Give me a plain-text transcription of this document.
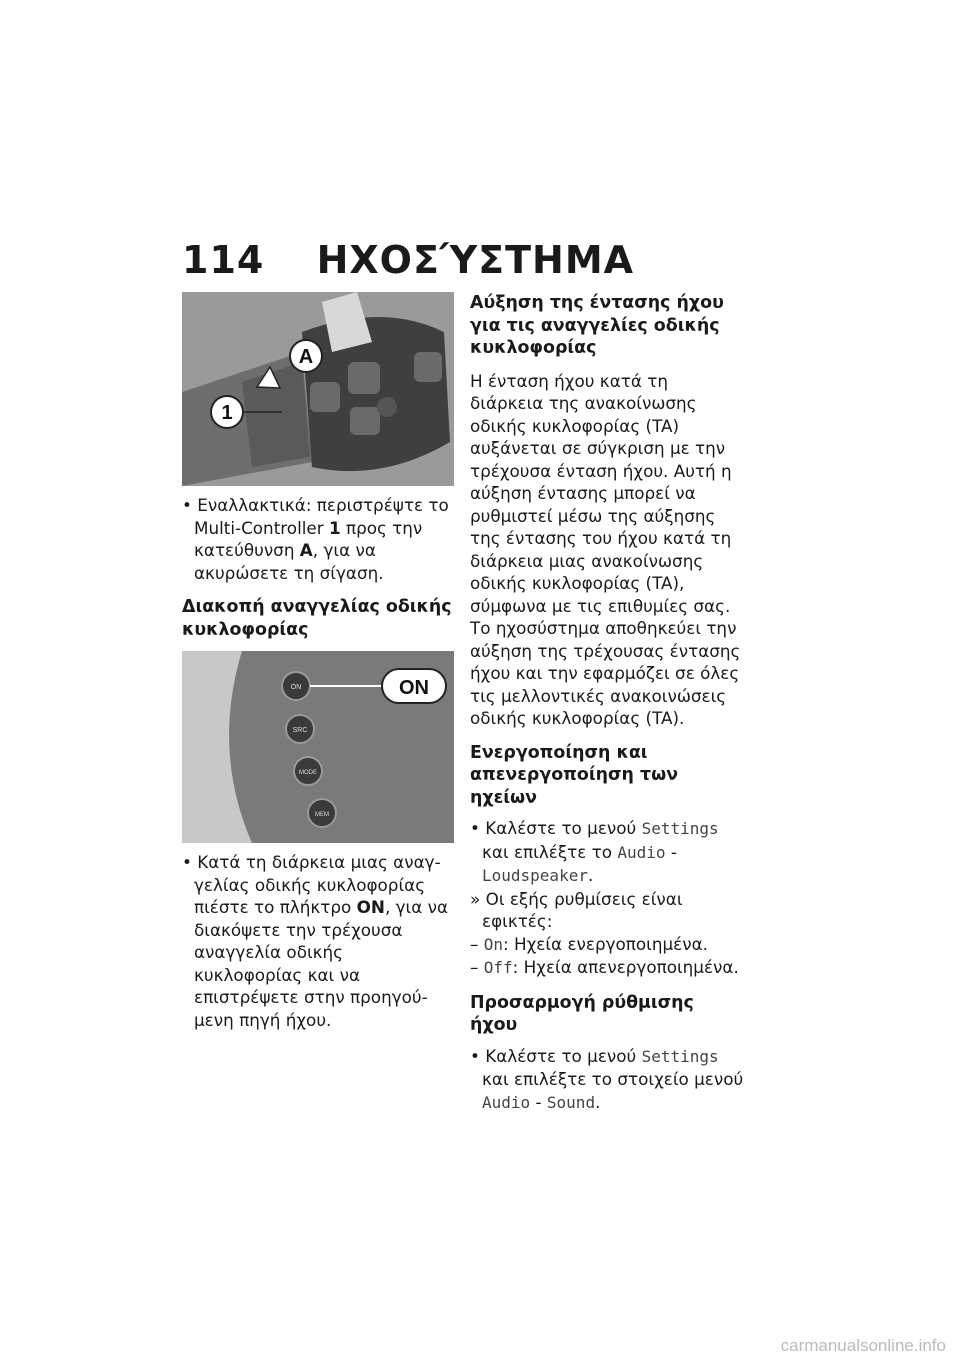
114 ΗΧΟΣΎΣΤΗΜΑ
A
1

• Εναλλακτικά: περιστρέψτε το Multi-Controller 1 προς την κατεύθυνση A, για να ακυρώσετε τη σίγαση.

Διακοπή αναγγελίας οδικής κυκλοφορίας

ON
SRC
MODE
MEM
ON

• Κατά τη διάρκεια μιας αναγγελίας οδικής κυκλοφορίας πιέστε το πλήκτρο ON, για να διακόψετε την τρέχουσα αναγγελία οδικής κυκλοφορίας και να επιστρέψετε στην προηγούμενη πηγή ήχου.

Αύξηση της έντασης ήχου για τις αναγγελίες οδικής κυκλοφορίας

Η ένταση ήχου κατά τη διάρκεια της ανακοίνωσης οδικής κυκλοφορίας (TA) αυξάνεται σε σύγκριση με την τρέχουσα ένταση ήχου. Αυτή η αύξηση έντασης μπορεί να ρυθμιστεί μέσω της αύξησης της έντασης του ήχου κατά τη διάρκεια μιας ανακοίνωσης οδικής κυκλοφορίας (TA), σύμφωνα με τις επιθυμίες σας. Το ηχοσύστημα αποθηκεύει την αύξηση της τρέχουσας έντασης ήχου και την εφαρμόζει σε όλες τις μελλοντικές ανακοινώσεις οδικής κυκλοφορίας (TA).

Ενεργοποίηση και απενεργοποίηση των ηχείων

• Καλέστε το μενού Settings και επιλέξτε το Audio - Loudspeaker.

» Οι εξής ρυθμίσεις είναι εφικτές:

– On: Ηχεία ενεργοποιημένα.

– Off: Ηχεία απενεργοποιημένα.

Προσαρμογή ρύθμισης ήχου

• Καλέστε το μενού Settings και επιλέξτε το στοιχείο μενού Audio - Sound.

carmanualsonline.info
